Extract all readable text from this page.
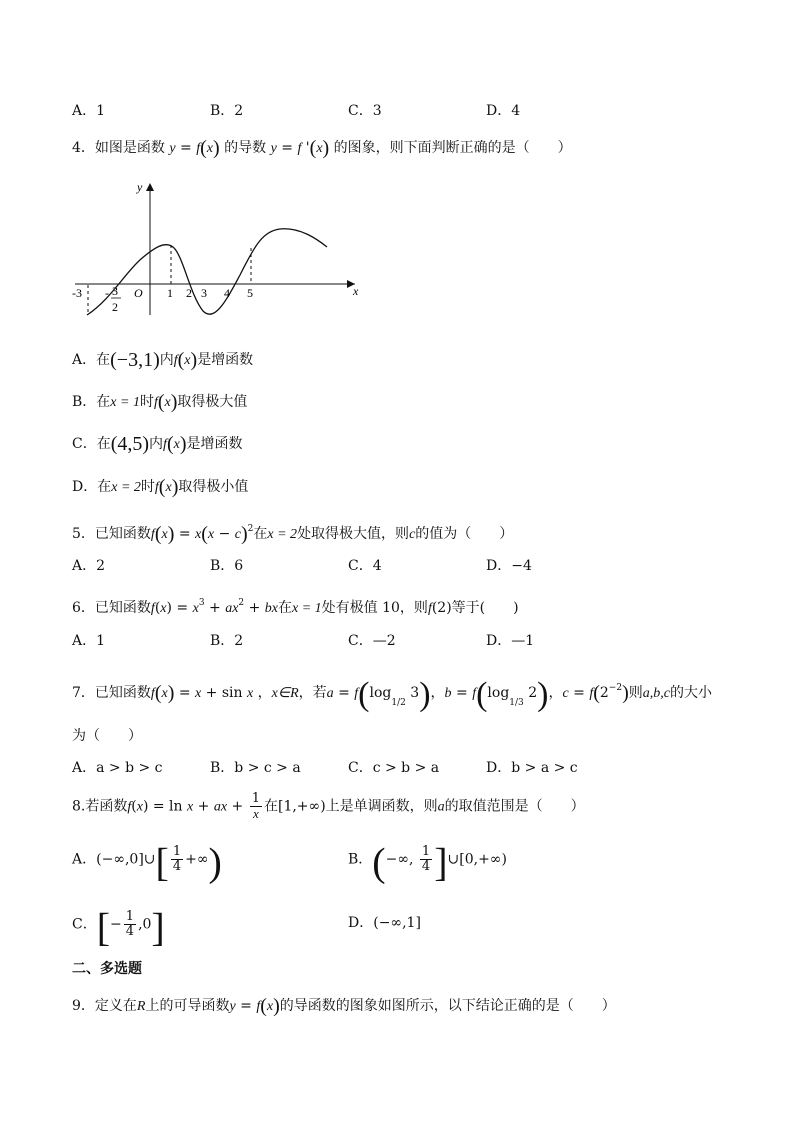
A．1	B．2	C．3	D．4
4．如图是函数 y = f(x) 的导数 y = f '(x) 的图象，则下面判断正确的是（　　）
y
x
-3 - 3
2
O 1 2 3 4 5
A．在(−3,1)内f(x)是增函数
B．在x = 1时f(x)取得极大值
C．在(4,5)内f(x)是增函数
D．在x = 2时f(x)取得极小值
5．已知函数$f(x) = x(x - c)^2$在x = 2处取得极大值，则c的值为（　　）
A．2	B．6	C．4	D．−4
6．已知函数$f(x) = x^3 + ax^2$ + bx在x = 1处有极值 10，则f(2)等于(　　)
A．1	B．2	C．—2	D．—1
7．已知函数f(x) = x + sin x ，x∈R，若$a = f(\log_{1/2}$ 3)，$b = f(\log_{1/3}$ 2)，$c = f(2^{-2})$则a,b,c的大小
为（　　）
A．a > b > c	B．b > c > a	C．c > b > a	D．b > a > c
8.若函数f(x) = ln x + ax + $\frac{1}{x}$ 在[1,+∞)上是单调函数，则a的取值范围是（　　）
A．(−∞,0]∪[ $\frac{1}{4}$ +∞)	B．(−∞, $\frac{1}{4}$ ]∪[0,+∞)
C．[− $\frac{1}{4} ,0$]	D．(−∞,1]
二、多选题
9．定义在R上的可导函数y = f(x)的导函数的图象如图所示，以下结论正确的是（　　）
